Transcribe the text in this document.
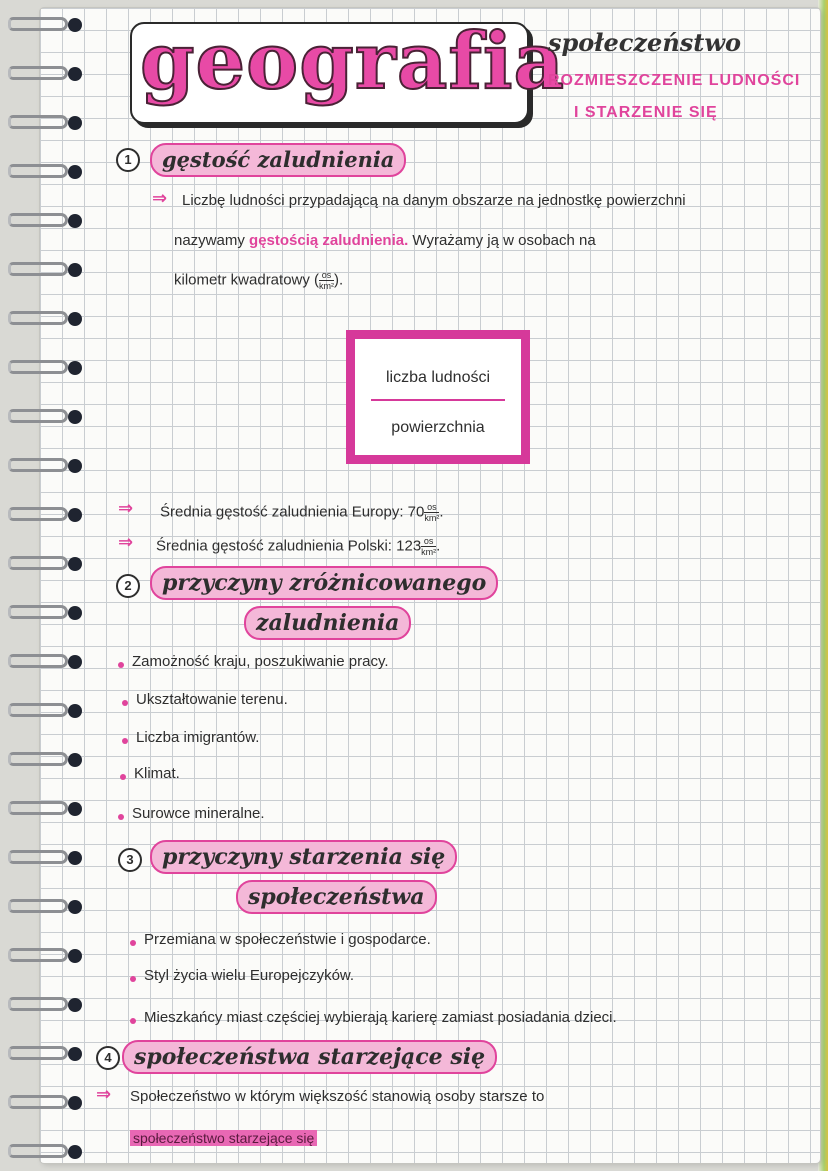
geografia
społeczeństwo
ROZMIESZCZENIE LUDNOŚCI
I STARZENIE SIĘ
1	gęstość zaludnienia
⇒ Liczbę ludności przypadającą na danym obszarze na jednostkę powierzchni
nazywamy gęstością zaludnienia. Wyrażamy ją w osobach na
kilometr kwadratowy ( $\frac{os}{\text{km²}}$ ).
liczba ludności
powierzchnia
⇒ Średnia gęstość zaludnienia Europy: $70 \frac{os}{\text{km²}}$ .
⇒ Średnia gęstość zaludnienia Polski: $123 \frac{os}{\text{km²}}$ .
2	przyczyny zróżnicowanego
zaludnienia
Zamożność kraju, poszukiwanie pracy.
Ukształtowanie terenu.
Liczba imigrantów.
Klimat.
Surowce mineralne.
3	przyczyny starzenia się
społeczeństwa
Przemiana w społeczeństwie i gospodarce.
Styl życia wielu Europejczyków.
Mieszkańcy miast częściej wybierają karierę zamiast posiadania dzieci.
4	społeczeństwa starzejące się
⇒ Społeczeństwo w którym większość stanowią osoby starsze to
społeczeństwo starzejące się
